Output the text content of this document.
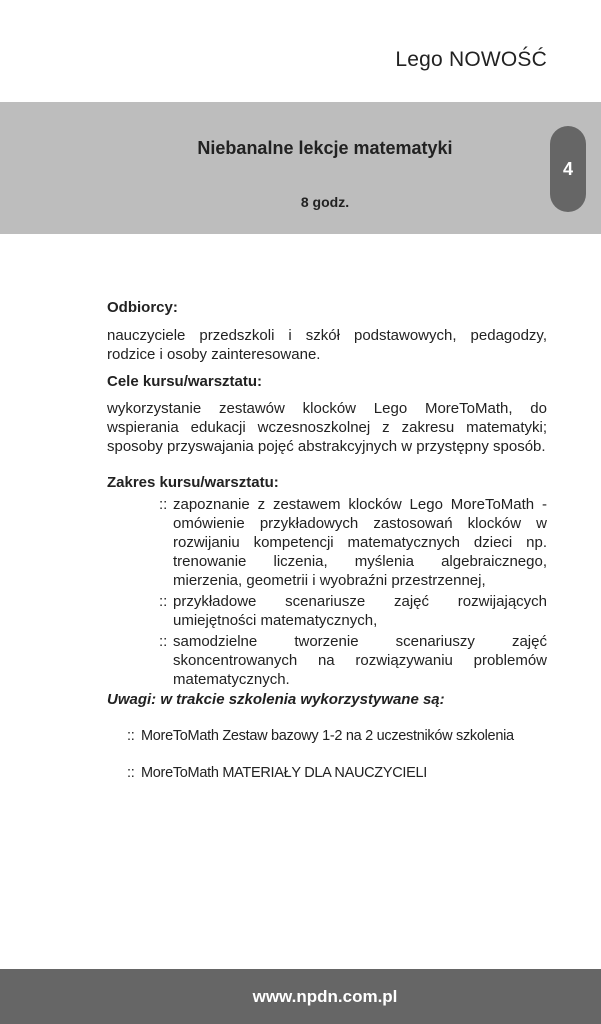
Lego NOWOŚĆ
Niebanalne lekcje matematyki
8 godz.
4

Odbiorcy:

nauczyciele przedszkoli i szkół podstawowych, pedagodzy, rodzice i osoby zainteresowane.

Cele kursu/warsztatu:

wykorzystanie zestawów klocków Lego MoreToMath, do wspierania edukacji wczesnoszkolnej z zakresu matematyki; sposoby przyswajania pojęć abstrakcyjnych w przystępny sposób.

Zakres kursu/warsztatu:

:: zapoznanie z zestawem klocków Lego MoreToMath - omówienie przykładowych zastosowań klocków w rozwijaniu kompetencji matematycznych dzieci np. trenowanie liczenia, myślenia algebraicznego, mierzenia, geometrii i wyobraźni przestrzennej,
:: przykładowe scenariusze zajęć rozwijających umiejętności matematycznych,
:: samodzielne tworzenie scenariuszy zajęć skoncentrowanych na rozwiązywaniu problemów matematycznych.

Uwagi: w trakcie szkolenia wykorzystywane są:

:: MoreToMath Zestaw bazowy 1-2 na 2 uczestników szkolenia
:: MoreToMath MATERIAŁY DLA NAUCZYCIELI
www.npdn.com.pl
